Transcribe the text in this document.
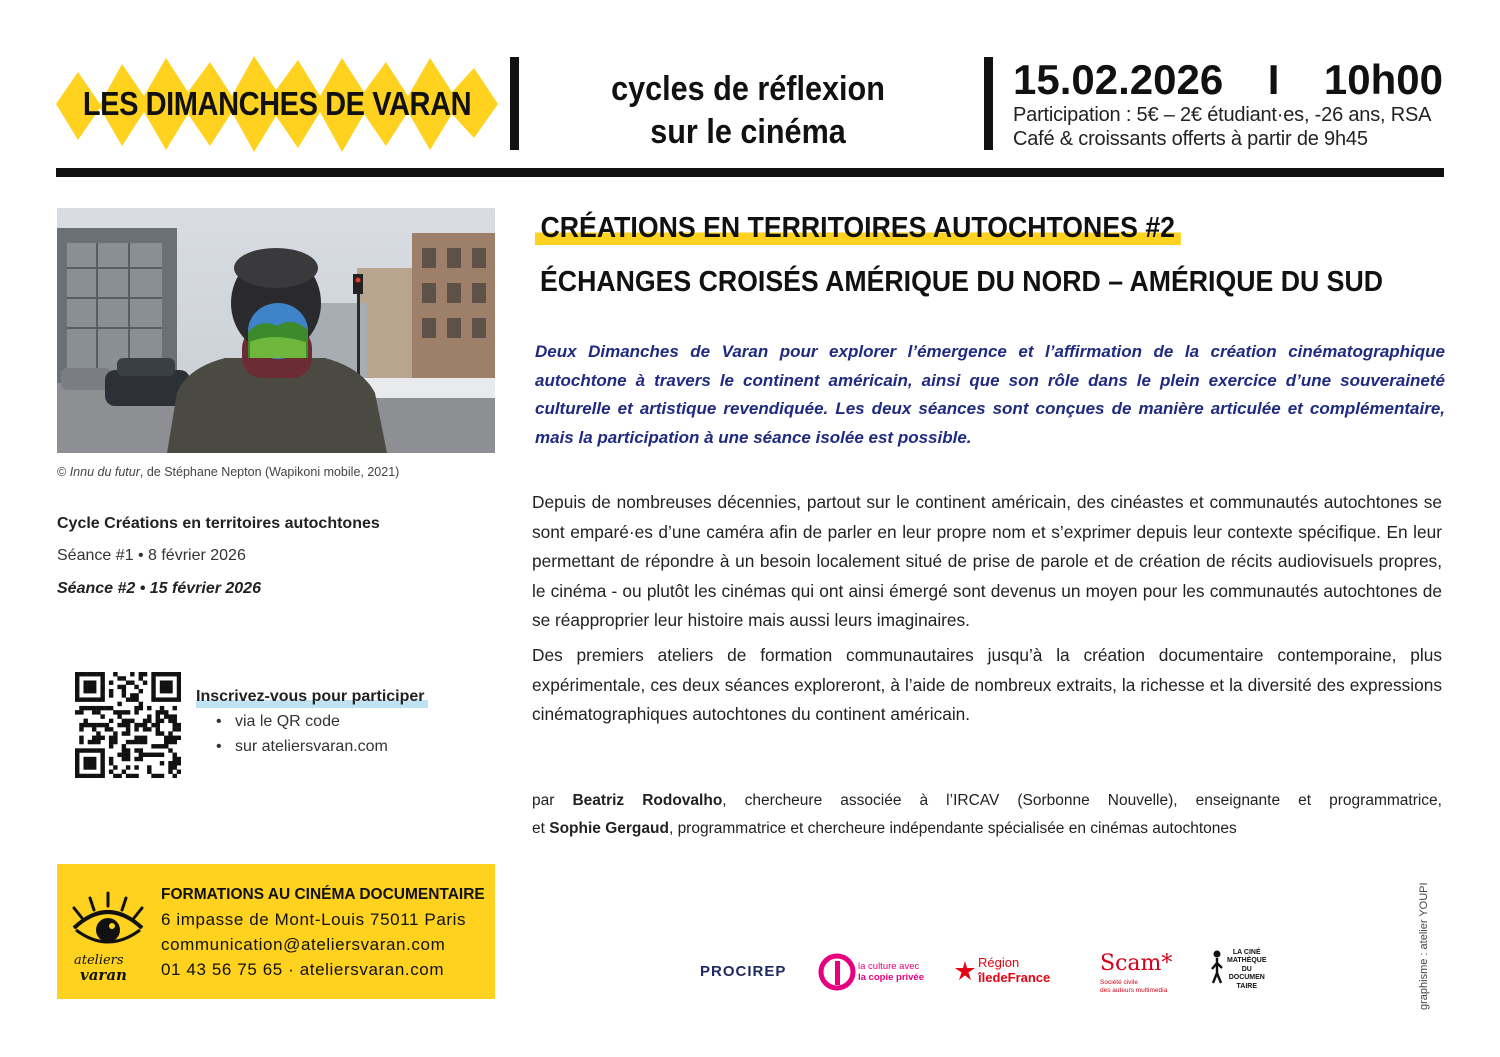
LES DIMANCHES DE VARAN	cycles de réflexion
sur le cinéma
15.02.2026 I 10h00
Participation : 5€ – 2€ étudiant·es, -26 ans, RSA
Café & croissants offerts à partir de 9h45
© Innu du futur, de Stéphane Nepton (Wapikoni mobile, 2021)
Cycle Créations en territoires autochtones
Séance #1 • 8 février 2026
Séance #2 • 15 février 2026
Inscrivez-vous pour participer
•   via le QR code
•   sur ateliersvaran.com
ateliers
varan
FORMATIONS AU CINÉMA DOCUMENTAIRE
6 impasse de Mont-Louis 75011 Paris
communication@ateliersvaran.com
01 43 56 75 65 · ateliersvaran.com
CRÉATIONS EN TERRITOIRES AUTOCHTONES #2
ÉCHANGES CROISÉS AMÉRIQUE DU NORD – AMÉRIQUE DU SUD
Deux Dimanches de Varan pour explorer l’émergence et l’affirmation de la création cinématographique autochtone à travers le continent américain, ainsi que son rôle dans le plein exercice d’une souveraineté culturelle et artistique revendiquée. Les deux séances sont conçues de manière articulée et complémentaire, mais la participation à une séance isolée est possible.
Depuis de nombreuses décennies, partout sur le continent américain, des cinéastes et communautés autochtones se sont emparé·es d’une caméra afin de parler en leur propre nom et s’exprimer depuis leur contexte spécifique. En leur permettant de répondre à un besoin localement situé de prise de parole et de création de récits audiovisuels propres, le cinéma - ou plutôt les cinémas qui ont ainsi émergé sont devenus un moyen pour les communautés autochtones de se réapproprier leur histoire mais aussi leurs imaginaires.
Des premiers ateliers de formation communautaires jusqu’à la création documentaire contemporaine, plus expérimentale, ces deux séances exploreront, à l’aide de nombreux extraits, la richesse et la diversité des expressions cinématographiques autochtones du continent américain.
par Beatriz Rodovalho, chercheure associée à l’IRCAV (Sorbonne Nouvelle), enseignante et programmatrice,
et Sophie Gergaud, programmatrice et chercheure indépendante spécialisée en cinémas autochtones
PROCIREP	la culture avec
la copie privée
Région
îledeFrance
Scam*
Société civile
des auteurs multimedia
LA CINÉ
MATHÈQUE
DU
DOCUMEN
TAIRE	graphisme : atelier YOUPI
